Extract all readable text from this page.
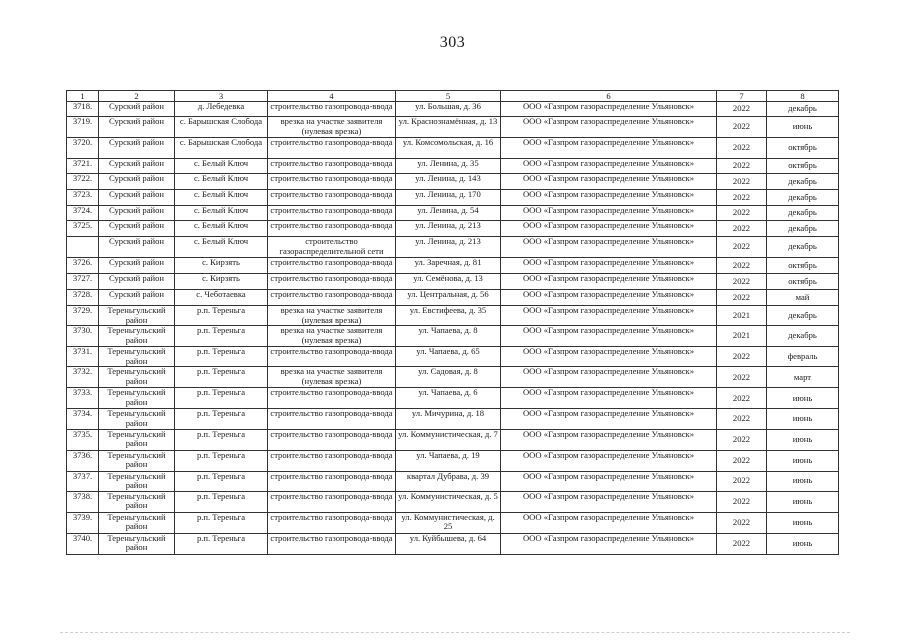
303
1	2	3	4	5	6	7	8
3718.	Сурский район	д. Лебедевка	строительство газопровода-ввода	ул. Большая, д. 36	ООО «Газпром газораспределение Ульяновск»	2022	декабрь
3719.	Сурский район	с. Барышская Слобода	врезка на участке заявителя (нулевая врезка)	ул. Краснознамённая, д. 13	ООО «Газпром газораспределение Ульяновск»	2022	июнь
3720.	Сурский район	с. Барышская Слобода	строительство газопровода-ввода	ул. Комсомольская, д. 16	ООО «Газпром газораспределение Ульяновск»	2022	октябрь
3721.	Сурский район	с. Белый Ключ	строительство газопровода-ввода	ул. Ленина, д. 35	ООО «Газпром газораспределение Ульяновск»	2022	октябрь
3722.	Сурский район	с. Белый Ключ	строительство газопровода-ввода	ул. Ленина, д. 143	ООО «Газпром газораспределение Ульяновск»	2022	декабрь
3723.	Сурский район	с. Белый Ключ	строительство газопровода-ввода	ул. Ленина, д. 170	ООО «Газпром газораспределение Ульяновск»	2022	декабрь
3724.	Сурский район	с. Белый Ключ	строительство газопровода-ввода	ул. Ленина, д. 54	ООО «Газпром газораспределение Ульяновск»	2022	декабрь
3725.	Сурский район	с. Белый Ключ	строительство газопровода-ввода	ул. Ленина, д. 213	ООО «Газпром газораспределение Ульяновск»	2022	декабрь
	Сурский район	с. Белый Ключ	строительство газораспределительной сети	ул. Ленина, д. 213	ООО «Газпром газораспределение Ульяновск»	2022	декабрь
3726.	Сурский район	с. Кирзять	строительство газопровода-ввода	ул. Заречная, д. 81	ООО «Газпром газораспределение Ульяновск»	2022	октябрь
3727.	Сурский район	с. Кирзять	строительство газопровода-ввода	ул. Семёнова, д. 13	ООО «Газпром газораспределение Ульяновск»	2022	октябрь
3728.	Сурский район	с. Чеботаевка	строительство газопровода-ввода	ул. Центральная, д. 56	ООО «Газпром газораспределение Ульяновск»	2022	май
3729.	Тереньгульский район	р.п. Тереньга	врезка на участке заявителя (нулевая врезка)	ул. Евстифеева, д. 35	ООО «Газпром газораспределение Ульяновск»	2021	декабрь
3730.	Тереньгульский район	р.п. Тереньга	врезка на участке заявителя (нулевая врезка)	ул. Чапаева, д. 8	ООО «Газпром газораспределение Ульяновск»	2021	декабрь
3731.	Тереньгульский район	р.п. Тереньга	строительство газопровода-ввода	ул. Чапаева, д. 65	ООО «Газпром газораспределение Ульяновск»	2022	февраль
3732.	Тереньгульский район	р.п. Тереньга	врезка на участке заявителя (нулевая врезка)	ул. Садовая, д. 8	ООО «Газпром газораспределение Ульяновск»	2022	март
3733.	Тереньгульский район	р.п. Тереньга	строительство газопровода-ввода	ул. Чапаева, д. 6	ООО «Газпром газораспределение Ульяновск»	2022	июнь
3734.	Тереньгульский район	р.п. Тереньга	строительство газопровода-ввода	ул. Мичурина, д. 18	ООО «Газпром газораспределение Ульяновск»	2022	июнь
3735.	Тереньгульский район	р.п. Тереньга	строительство газопровода-ввода	ул. Коммунистическая, д. 7	ООО «Газпром газораспределение Ульяновск»	2022	июнь
3736.	Тереньгульский район	р.п. Тереньга	строительство газопровода-ввода	ул. Чапаева, д. 19	ООО «Газпром газораспределение Ульяновск»	2022	июнь
3737.	Тереньгульский район	р.п. Тереньга	строительство газопровода-ввода	квартал Дубрава, д. 39	ООО «Газпром газораспределение Ульяновск»	2022	июнь
3738.	Тереньгульский район	р.п. Тереньга	строительство газопровода-ввода	ул. Коммунистическая, д. 5	ООО «Газпром газораспределение Ульяновск»	2022	июнь
3739.	Тереньгульский район	р.п. Тереньга	строительство газопровода-ввода	ул. Коммунистическая, д. 25	ООО «Газпром газораспределение Ульяновск»	2022	июнь
3740.	Тереньгульский район	р.п. Тереньга	строительство газопровода-ввода	ул. Куйбышева, д. 64	ООО «Газпром газораспределение Ульяновск»	2022	июнь
